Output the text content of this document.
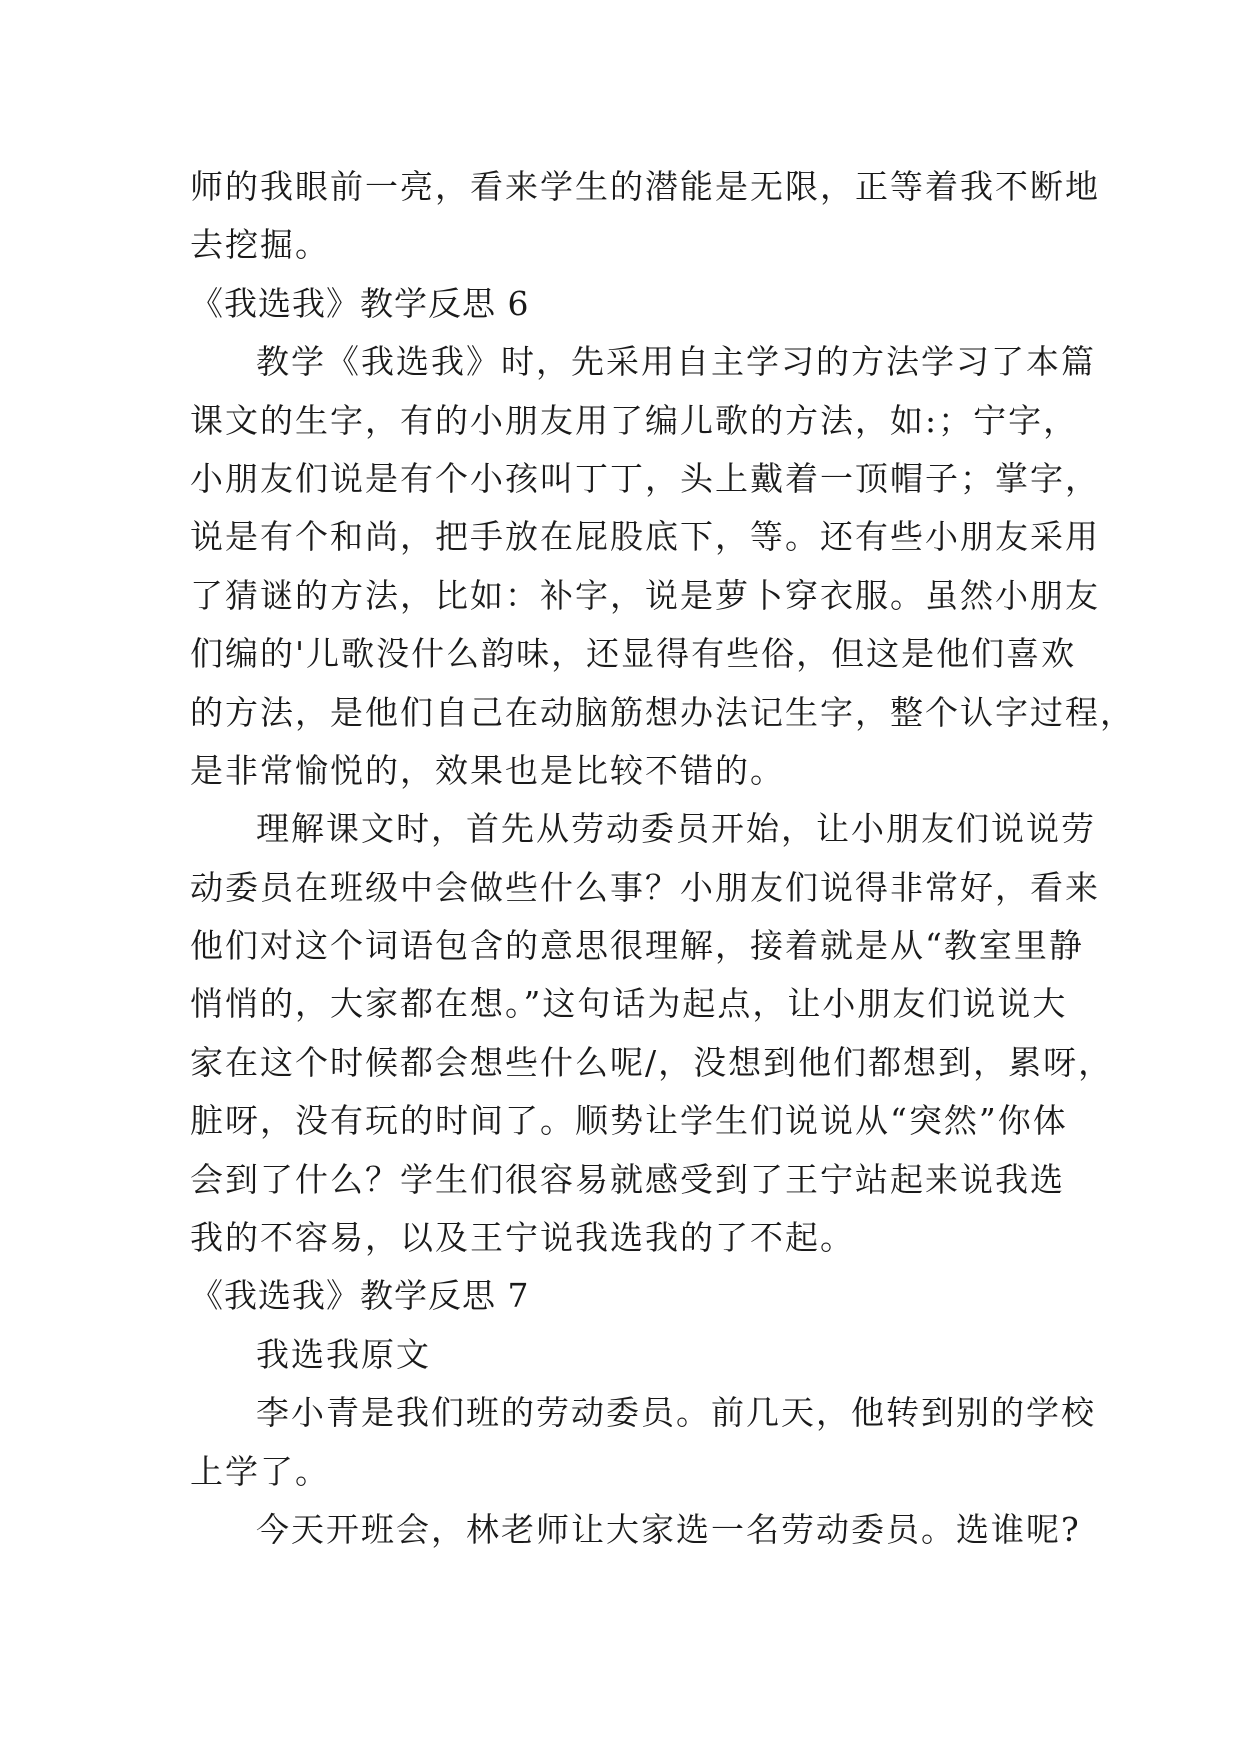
师的我眼前一亮，看来学生的潜能是无限，正等着我不断地
去挖掘。
《我选我》教学反思 6
教学《我选我》时，先采用自主学习的方法学习了本篇
课文的生字，有的小朋友用了编儿歌的方法，如:；宁字，
小朋友们说是有个小孩叫丁丁，头上戴着一顶帽子；掌字，
说是有个和尚，把手放在屁股底下，等。还有些小朋友采用
了猜谜的方法，比如：补字，说是萝卜穿衣服。虽然小朋友
们编的'儿歌没什么韵味，还显得有些俗，但这是他们喜欢
的方法，是他们自己在动脑筋想办法记生字，整个认字过程，
是非常愉悦的，效果也是比较不错的。
理解课文时，首先从劳动委员开始，让小朋友们说说劳
动委员在班级中会做些什么事？小朋友们说得非常好，看来
他们对这个词语包含的意思很理解，接着就是从“教室里静
悄悄的，大家都在想。”这句话为起点，让小朋友们说说大
家在这个时候都会想些什么呢/，没想到他们都想到，累呀，
脏呀，没有玩的时间了。顺势让学生们说说从“突然”你体
会到了什么？学生们很容易就感受到了王宁站起来说我选
我的不容易，以及王宁说我选我的了不起。
《我选我》教学反思 7
我选我原文
李小青是我们班的劳动委员。前几天，他转到别的学校
上学了。
今天开班会，林老师让大家选一名劳动委员。选谁呢?
